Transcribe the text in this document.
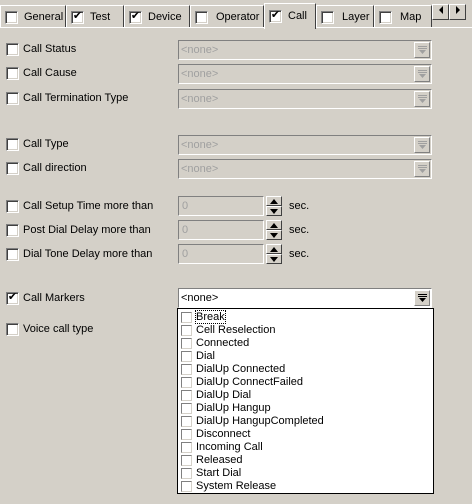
General ✔ Test ✔ Device	Operator ✔ Call	Layer	Map
Call Status	<none>
Call Cause	<none>
Call Termination Type	<none>
Call Type	<none>
Call direction	<none>
Call Setup Time more than	0	sec.
Post Dial Delay more than	0	sec.
Dial Tone Delay more than	0	sec.
✔ Call Markers	<none>
Voice call type
Break
Cell Reselection
Connected
Dial
DialUp Connected
DialUp ConnectFailed
DialUp Dial
DialUp Hangup
DialUp HangupCompleted
Disconnect
Incoming Call
Released
Start Dial
System Release
